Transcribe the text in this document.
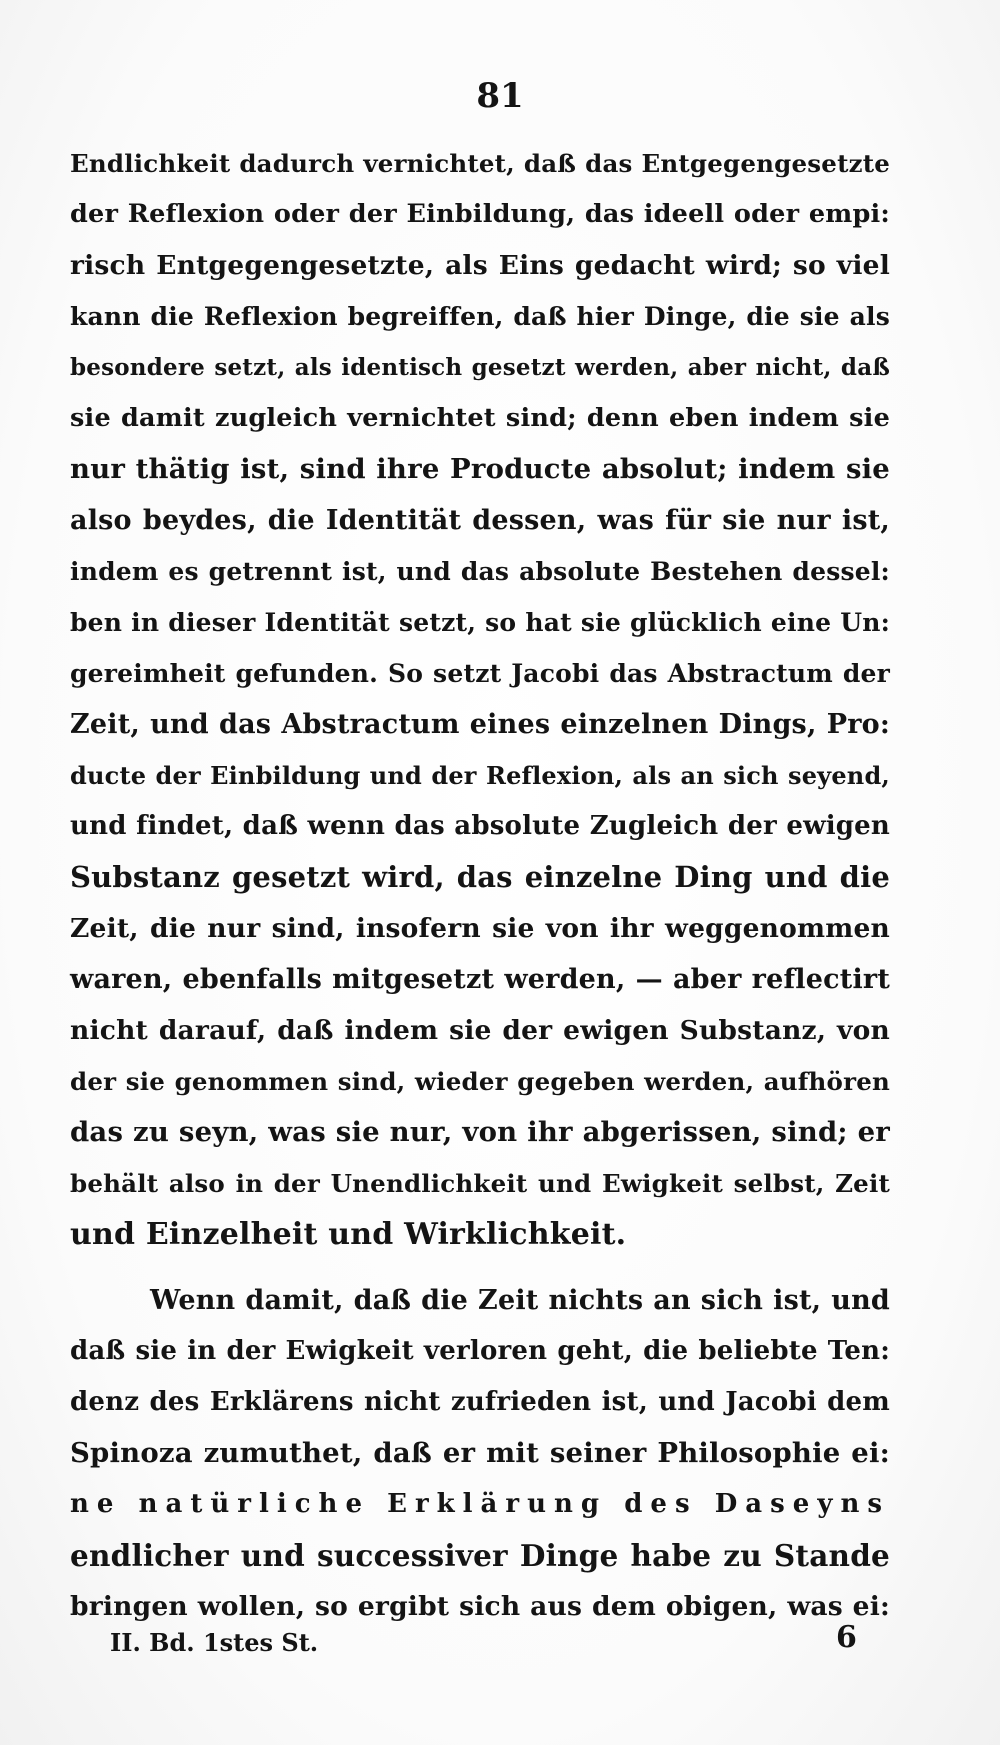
81
Endlichkeit dadurch vernichtet, daß das Entgegengesetzte
der Reflexion oder der Einbildung, das ideell oder empi:
risch Entgegengesetzte, als Eins gedacht wird; so viel
kann die Reflexion begreiffen, daß hier Dinge, die sie als
besondere setzt, als identisch gesetzt werden, aber nicht, daß
sie damit zugleich vernichtet sind; denn eben indem sie
nur thätig ist, sind ihre Producte absolut; indem sie
also beydes, die Identität dessen, was für sie nur ist,
indem es getrennt ist, und das absolute Bestehen dessel:
ben in dieser Identität setzt, so hat sie glücklich eine Un:
gereimheit gefunden. So setzt Jacobi das Abstractum der
Zeit, und das Abstractum eines einzelnen Dings, Pro:
ducte der Einbildung und der Reflexion, als an sich seyend,
und findet, daß wenn das absolute Zugleich der ewigen
Substanz gesetzt wird, das einzelne Ding und die
Zeit, die nur sind, insofern sie von ihr weggenommen
waren, ebenfalls mitgesetzt werden, — aber reflectirt
nicht darauf, daß indem sie der ewigen Substanz, von
der sie genommen sind, wieder gegeben werden, aufhören
das zu seyn, was sie nur, von ihr abgerissen, sind; er
behält also in der Unendlichkeit und Ewigkeit selbst, Zeit
und Einzelheit und Wirklichkeit.
Wenn damit, daß die Zeit nichts an sich ist, und
daß sie in der Ewigkeit verloren geht, die beliebte Ten:
denz des Erklärens nicht zufrieden ist, und Jacobi dem
Spinoza zumuthet, daß er mit seiner Philosophie ei:
ne natürliche Erklärung des Daseyns
endlicher und successiver Dinge habe zu Stande
bringen wollen, so ergibt sich aus dem obigen, was ei:
II. Bd. 1stes St.	6
